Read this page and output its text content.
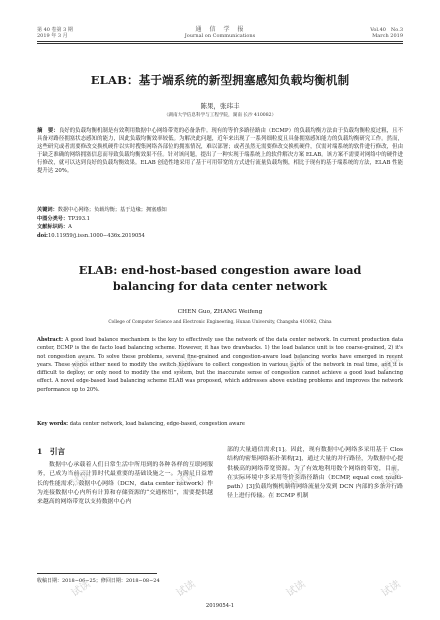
第 40 卷第 3 期
2019 年 3 月
通　信　学　报
Journal on Communications
Vol.40　No.3
March 2019
ELAB：基于端系统的新型拥塞感知负载均衡机制
陈果，张玮丰
（湖南大学信息科学与工程学院，湖南 长沙 410082）
摘　要：良好的负载均衡机制是有效利用数据中心网络带宽的必备条件。现有的等价多路径路由（ECMP）的负载均衡方法由于负载均衡粒度过粗，且不具备对路径拥塞状态感知的能力，因此负载均衡效率较低。为解决此问题，近年来出现了一系列细粒度且具备拥塞感知能力的负载均衡研究工作。然而，这些研究或者需要修改交换机硬件以实时搜集网络各部位的拥塞情况，难以部署；或者虽然无需要修改交换机硬件，仅需对端系统的软件进行修改，但由于缺乏准确的网络拥塞信息而导致负载均衡效果不佳。针对该问题，提出了一种实现于端系统上的软件解决方案 ELAB。该方案不需要对网络中的硬件进行修改，就可以达到良好的负载均衡效果。ELAB 创造性地采用了基于可用带宽的方式进行流量负载均衡，相比于现有的基于端系统的方法，ELAB 性能提升达 20%。
关键词：数据中心网络；负载均衡；基于边缘；拥塞感知
中图分类号：TP393.1
文献标识码：A
doi:10.11959/j.issn.1000−436x.2019054
ELAB: end-host-based congestion aware load
balancing for data center network
CHEN Guo, ZHANG Weifeng
College of Computer Science and Electronic Engineering, Hunan University, Changsha 410082, China
Abstract: A good load balance mechanism is the key to effectively use the network of the data center network. In current production data center, ECMP is the de facto load balancing scheme. However, it has two drawbacks. 1) the load balance unit is too coarse-grained, 2) it's not congestion aware. To solve these problems, several fine-grained and congestion-aware load balancing works have emerged in recent years. These works either need to modify the switch hardware to collect congestion in various parts of the network in real time, and it is difficult to deploy; or only need to modify the end system, but the inaccurate sense of congestion cannot achieve a good load balancing effect. A novel edge-based load balancing scheme ELAB was proposed, which addresses above existing problems and improves the network performance up to 20%.
Key words: data center network, load balancing, edge-based, congestion aware
1  引言
数据中心承载着人们日常生活中所用到的各种各样的互联网服务，已成为当前云计算时代最重要的基础设施之一。为满足日益增长的性能需求，数据中心网络（DCN，data center network）作为连接数据中心内所有计算和存储资源的“交通枢纽”，需要提供越来越高的网络带宽以支持数据中心内
部的大量通信需求[1]。因此，现有数据中心网络多采用基于 Clos 结构的密集网络拓扑架构[2]，通过大量的并行路径，为数据中心提供极高的网络带宽资源。为了有效地利用数个网络的带宽，目前，在实际环境中多采用等价多路径路由（ECMP, equal cost multi-path）[3]负载均衡机制将网络流量分发到 DCN 内部的多条并行路径上进行传输。在 ECMP 机制
收稿日期：2018−06−25；修回日期：2018−08−24
2019054-1
试读	试读	试读	试读
试读	试读	试读	试读
试读	试读	试读	试读
